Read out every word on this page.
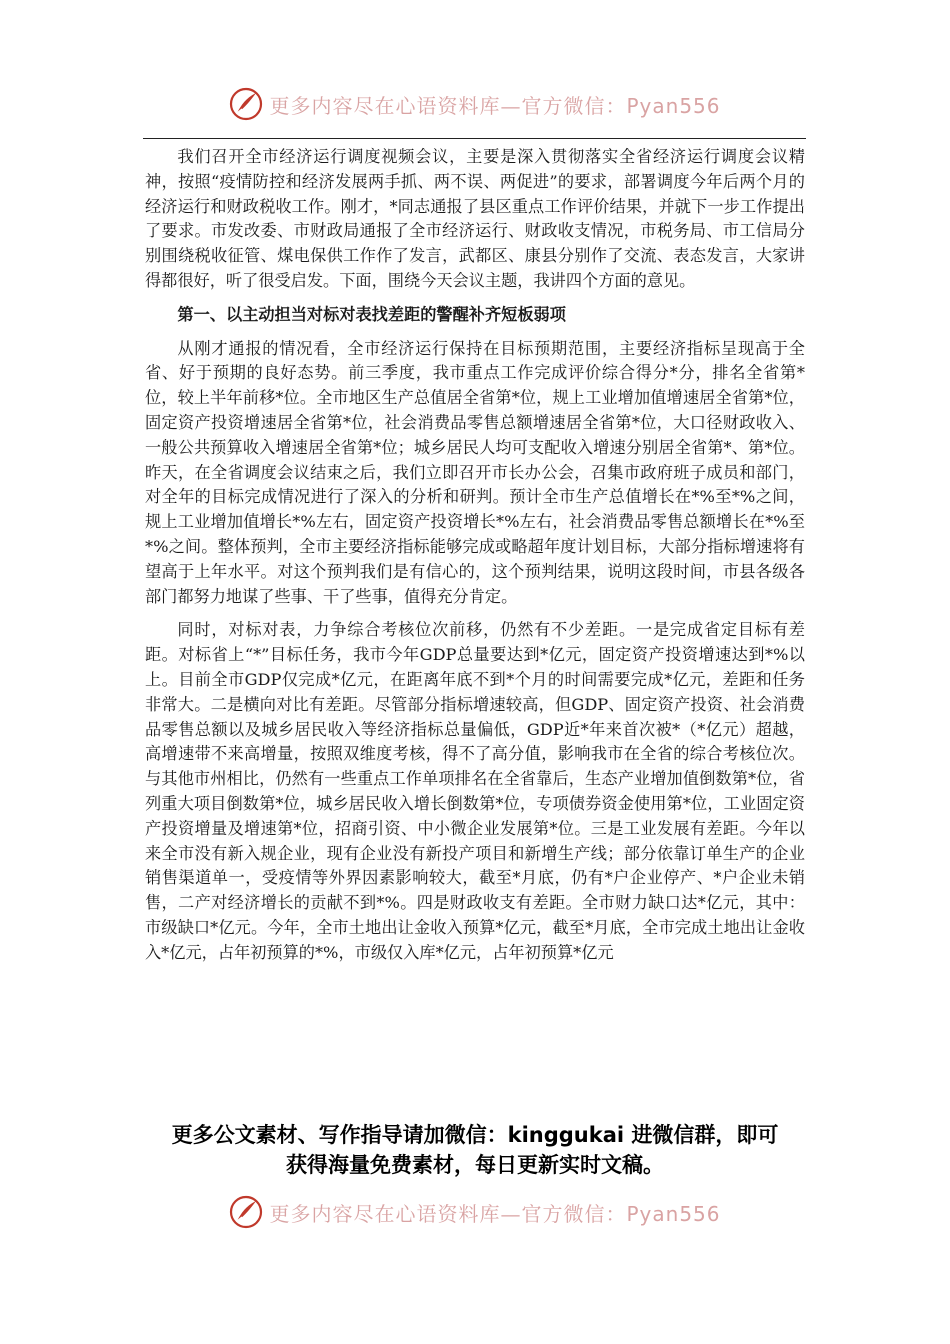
更多内容尽在心语资料库—官方微信：Pyan556

我们召开全市经济运行调度视频会议，主要是深入贯彻落实全省经济运行调度会议精神，按照“疫情防控和经济发展两手抓、两不误、两促进”的要求，部署调度今年后两个月的经济运行和财政税收工作。刚才，*同志通报了县区重点工作评价结果，并就下一步工作提出了要求。市发改委、市财政局通报了全市经济运行、财政收支情况，市税务局、市工信局分别围绕税收征管、煤电保供工作作了发言，武都区、康县分别作了交流、表态发言，大家讲得都很好，听了很受启发。下面，围绕今天会议主题，我讲四个方面的意见。

第一、以主动担当对标对表找差距的警醒补齐短板弱项

从刚才通报的情况看，全市经济运行保持在目标预期范围，主要经济指标呈现高于全省、好于预期的良好态势。前三季度，我市重点工作完成评价综合得分*分，排名全省第*位，较上半年前移*位。全市地区生产总值居全省第*位，规上工业增加值增速居全省第*位，固定资产投资增速居全省第*位，社会消费品零售总额增速居全省第*位，大口径财政收入、一般公共预算收入增速居全省第*位；城乡居民人均可支配收入增速分别居全省第*、第*位。昨天，在全省调度会议结束之后，我们立即召开市长办公会，召集市政府班子成员和部门，对全年的目标完成情况进行了深入的分析和研判。预计全市生产总值增长在*%至*%之间，规上工业增加值增长*%左右，固定资产投资增长*%左右，社会消费品零售总额增长在*%至*%之间。整体预判，全市主要经济指标能够完成或略超年度计划目标，大部分指标增速将有望高于上年水平。对这个预判我们是有信心的，这个预判结果，说明这段时间，市县各级各部门都努力地谋了些事、干了些事，值得充分肯定。

同时，对标对表，力争综合考核位次前移，仍然有不少差距。一是完成省定目标有差距。对标省上“*”目标任务，我市今年GDP总量要达到*亿元，固定资产投资增速达到*%以上。目前全市GDP仅完成*亿元，在距离年底不到*个月的时间需要完成*亿元，差距和任务非常大。二是横向对比有差距。尽管部分指标增速较高，但GDP、固定资产投资、社会消费品零售总额以及城乡居民收入等经济指标总量偏低，GDP近*年来首次被*（*亿元）超越，高增速带不来高增量，按照双维度考核，得不了高分值，影响我市在全省的综合考核位次。与其他市州相比，仍然有一些重点工作单项排名在全省靠后，生态产业增加值倒数第*位，省列重大项目倒数第*位，城乡居民收入增长倒数第*位，专项债券资金使用第*位，工业固定资产投资增量及增速第*位，招商引资、中小微企业发展第*位。三是工业发展有差距。今年以来全市没有新入规企业，现有企业没有新投产项目和新增生产线；部分依靠订单生产的企业销售渠道单一，受疫情等外界因素影响较大，截至*月底，仍有*户企业停产、*户企业未销售，二产对经济增长的贡献不到*%。四是财政收支有差距。全市财力缺口达*亿元，其中：市级缺口*亿元。今年，全市土地出让金收入预算*亿元，截至*月底，全市完成土地出让金收入*亿元，占年初预算的*%，市级仅入库*亿元，占年初预算*亿元

更多公文素材、写作指导请加微信：kinggukai 进微信群，即可
获得海量免费素材，每日更新实时文稿。
更多内容尽在心语资料库—官方微信：Pyan556
